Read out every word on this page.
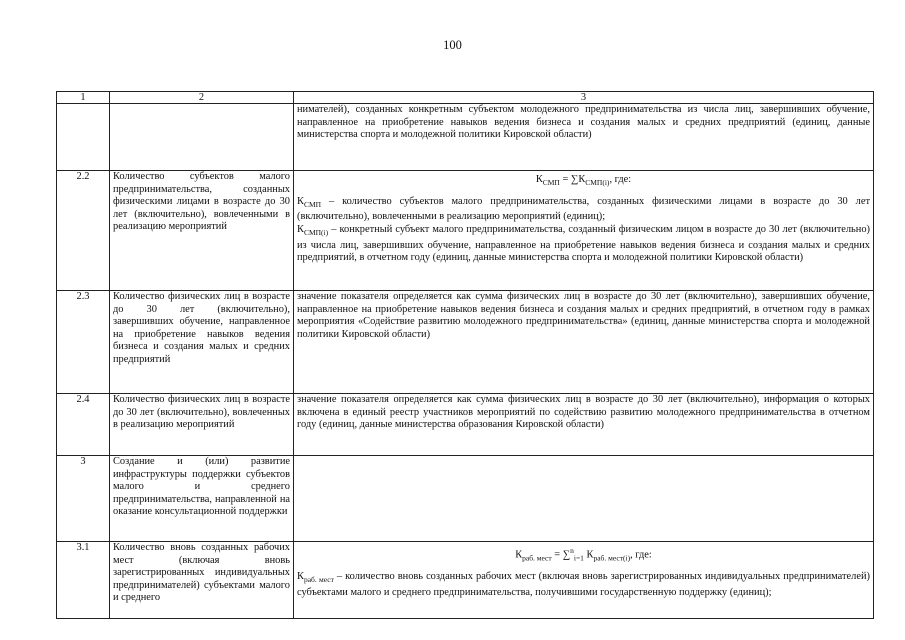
100
1	2	3
		нимателей), созданных конкретным субъектом молодежного предпринимательства из числа лиц, завершивших обучение, направленное на приобретение навыков ведения бизнеса и создания малых и средних предприятий (единиц, данные министерства спорта и молодежной политики Кировской области)
2.2	Количество субъектов малого предпринимательства, созданных физическими лицами в возрасте до 30 лет (включительно), вовлеченными в реализацию мероприятий	$К_{СМП} = \sum К_{СМП(i)}$, где:

$К_{СМП}$ – количество субъектов малого предпринимательства, созданных физическими лицами в возрасте до 30 лет (включительно), вовлеченными в реализацию мероприятий (единиц);

$К_{СМП(i)}$ – конкретный субъект малого предпринимательства, созданный физическим лицом в возрасте до 30 лет (включительно) из числа лиц, завершивших обучение, направленное на приобретение навыков ведения бизнеса и создания малых и средних предприятий, в отчетном году (единиц, данные министерства спорта и молодежной политики Кировской области)

2.3	Количество физических лиц в возрасте до 30 лет (включительно), завершивших обучение, направленное на приобретение навыков ведения бизнеса и создания малых и средних предприятий	значение показателя определяется как сумма физических лиц в возрасте до 30 лет (включительно), завершивших обучение, направленное на приобретение навыков ведения бизнеса и создания малых и средних предприятий, в отчетном году в рамках мероприятия «Содействие развитию молодежного предпринимательства» (единиц, данные министерства спорта и молодежной политики Кировской области)
2.4	Количество физических лиц в возрасте до 30 лет (включительно), вовлеченных в реализацию мероприятий	значение показателя определяется как сумма физических лиц в возрасте до 30 лет (включительно), информация о которых включена в единый реестр участников мероприятий по содействию развитию молодежного предпринимательства в отчетном году (единиц, данные министерства образования Кировской области)
3	Создание и (или) развитие инфраструктуры поддержки субъектов малого и среднего предпринимательства, направленной на оказание консультационной поддержки	
3.1	Количество вновь созданных рабочих мест (включая вновь зарегистрированных индивидуальных предпринимателей) субъектами малого и среднего	$К_{раб. мест} = \sum^n_{i=1}$ $К_{раб. мест(i)}$, где:

$К_{раб. мест}$ – количество вновь созданных рабочих мест (включая вновь зарегистрированных индивидуальных предпринимателей) субъектами малого и среднего предпринимательства, получившими государственную поддержку (единиц);
